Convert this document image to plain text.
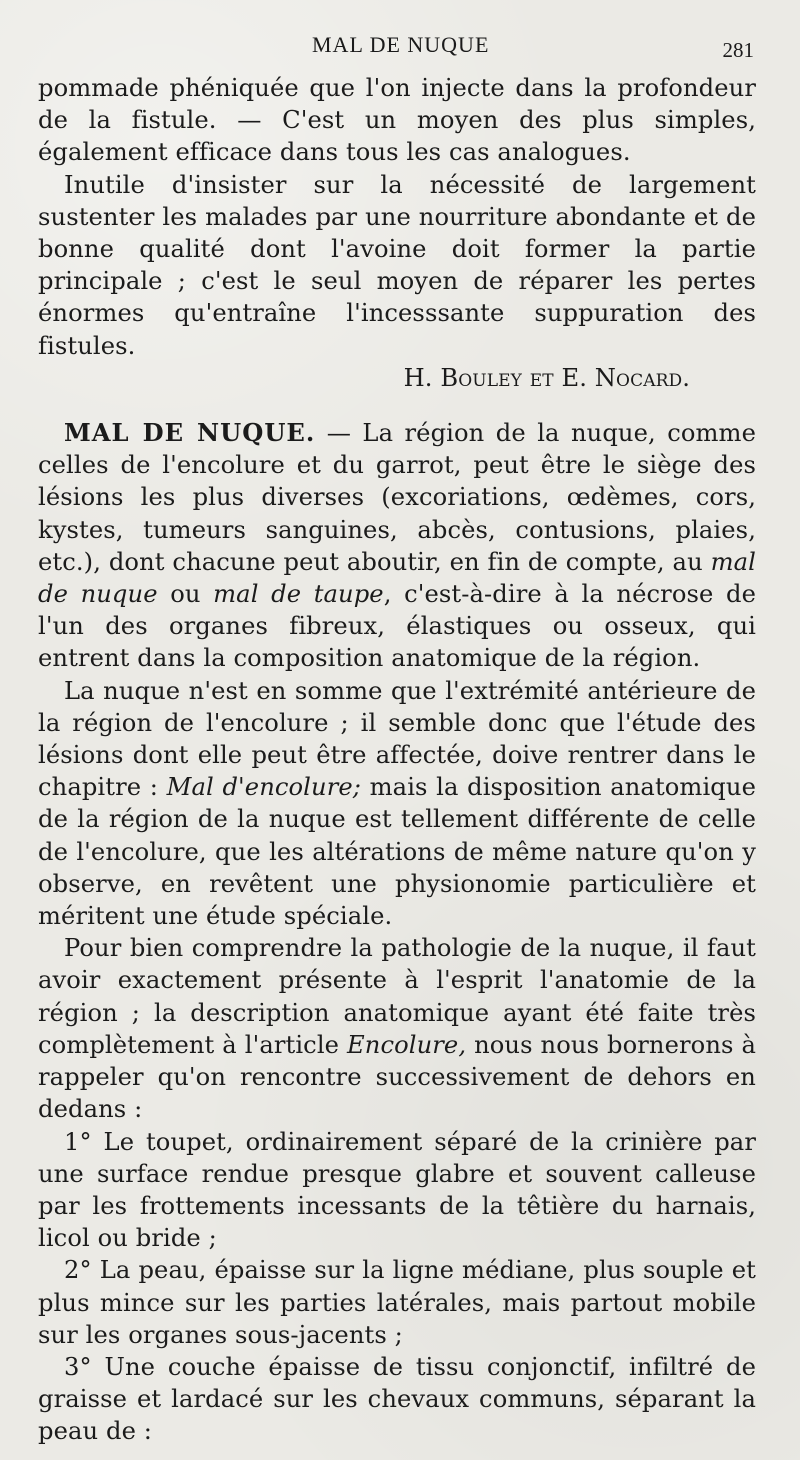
MAL DE NUQUE	281

pommade phéniquée que l'on injecte dans la profondeur de la fistule. — C'est un moyen des plus simples, également efficace dans tous les cas analogues.

Inutile d'insister sur la nécessité de largement sustenter les malades par une nourriture abondante et de bonne qualité dont l'avoine doit former la partie principale ; c'est le seul moyen de réparer les pertes énormes qu'entraîne l'incesssante suppuration des fistules.

H. Bouley et E. Nocard.

MAL DE NUQUE. — La région de la nuque, comme celles de l'encolure et du garrot, peut être le siège des lésions les plus diverses (excoriations, œdèmes, cors, kystes, tumeurs sanguines, abcès, contusions, plaies, etc.), dont chacune peut aboutir, en fin de compte, au mal de nuque ou mal de taupe, c'est-à-dire à la nécrose de l'un des organes fibreux, élastiques ou osseux, qui entrent dans la composition anatomique de la région.

La nuque n'est en somme que l'extrémité antérieure de la région de l'encolure ; il semble donc que l'étude des lésions dont elle peut être affectée, doive rentrer dans le chapitre : Mal d'encolure; mais la disposition anatomique de la région de la nuque est tellement différente de celle de l'encolure, que les altérations de même nature qu'on y observe, en revêtent une physionomie particulière et méritent une étude spéciale.

Pour bien comprendre la pathologie de la nuque, il faut avoir exactement présente à l'esprit l'anatomie de la région ; la description anatomique ayant été faite très complètement à l'article Encolure, nous nous bornerons à rappeler qu'on rencontre successivement de dehors en dedans :

1° Le toupet, ordinairement séparé de la crinière par une surface rendue presque glabre et souvent calleuse par les frottements incessants de la têtière du harnais, licol ou bride ;

2° La peau, épaisse sur la ligne médiane, plus souple et plus mince sur les parties latérales, mais partout mobile sur les organes sous-jacents ;

3° Une couche épaisse de tissu conjonctif, infiltré de graisse et lardacé sur les chevaux communs, séparant la peau de :
